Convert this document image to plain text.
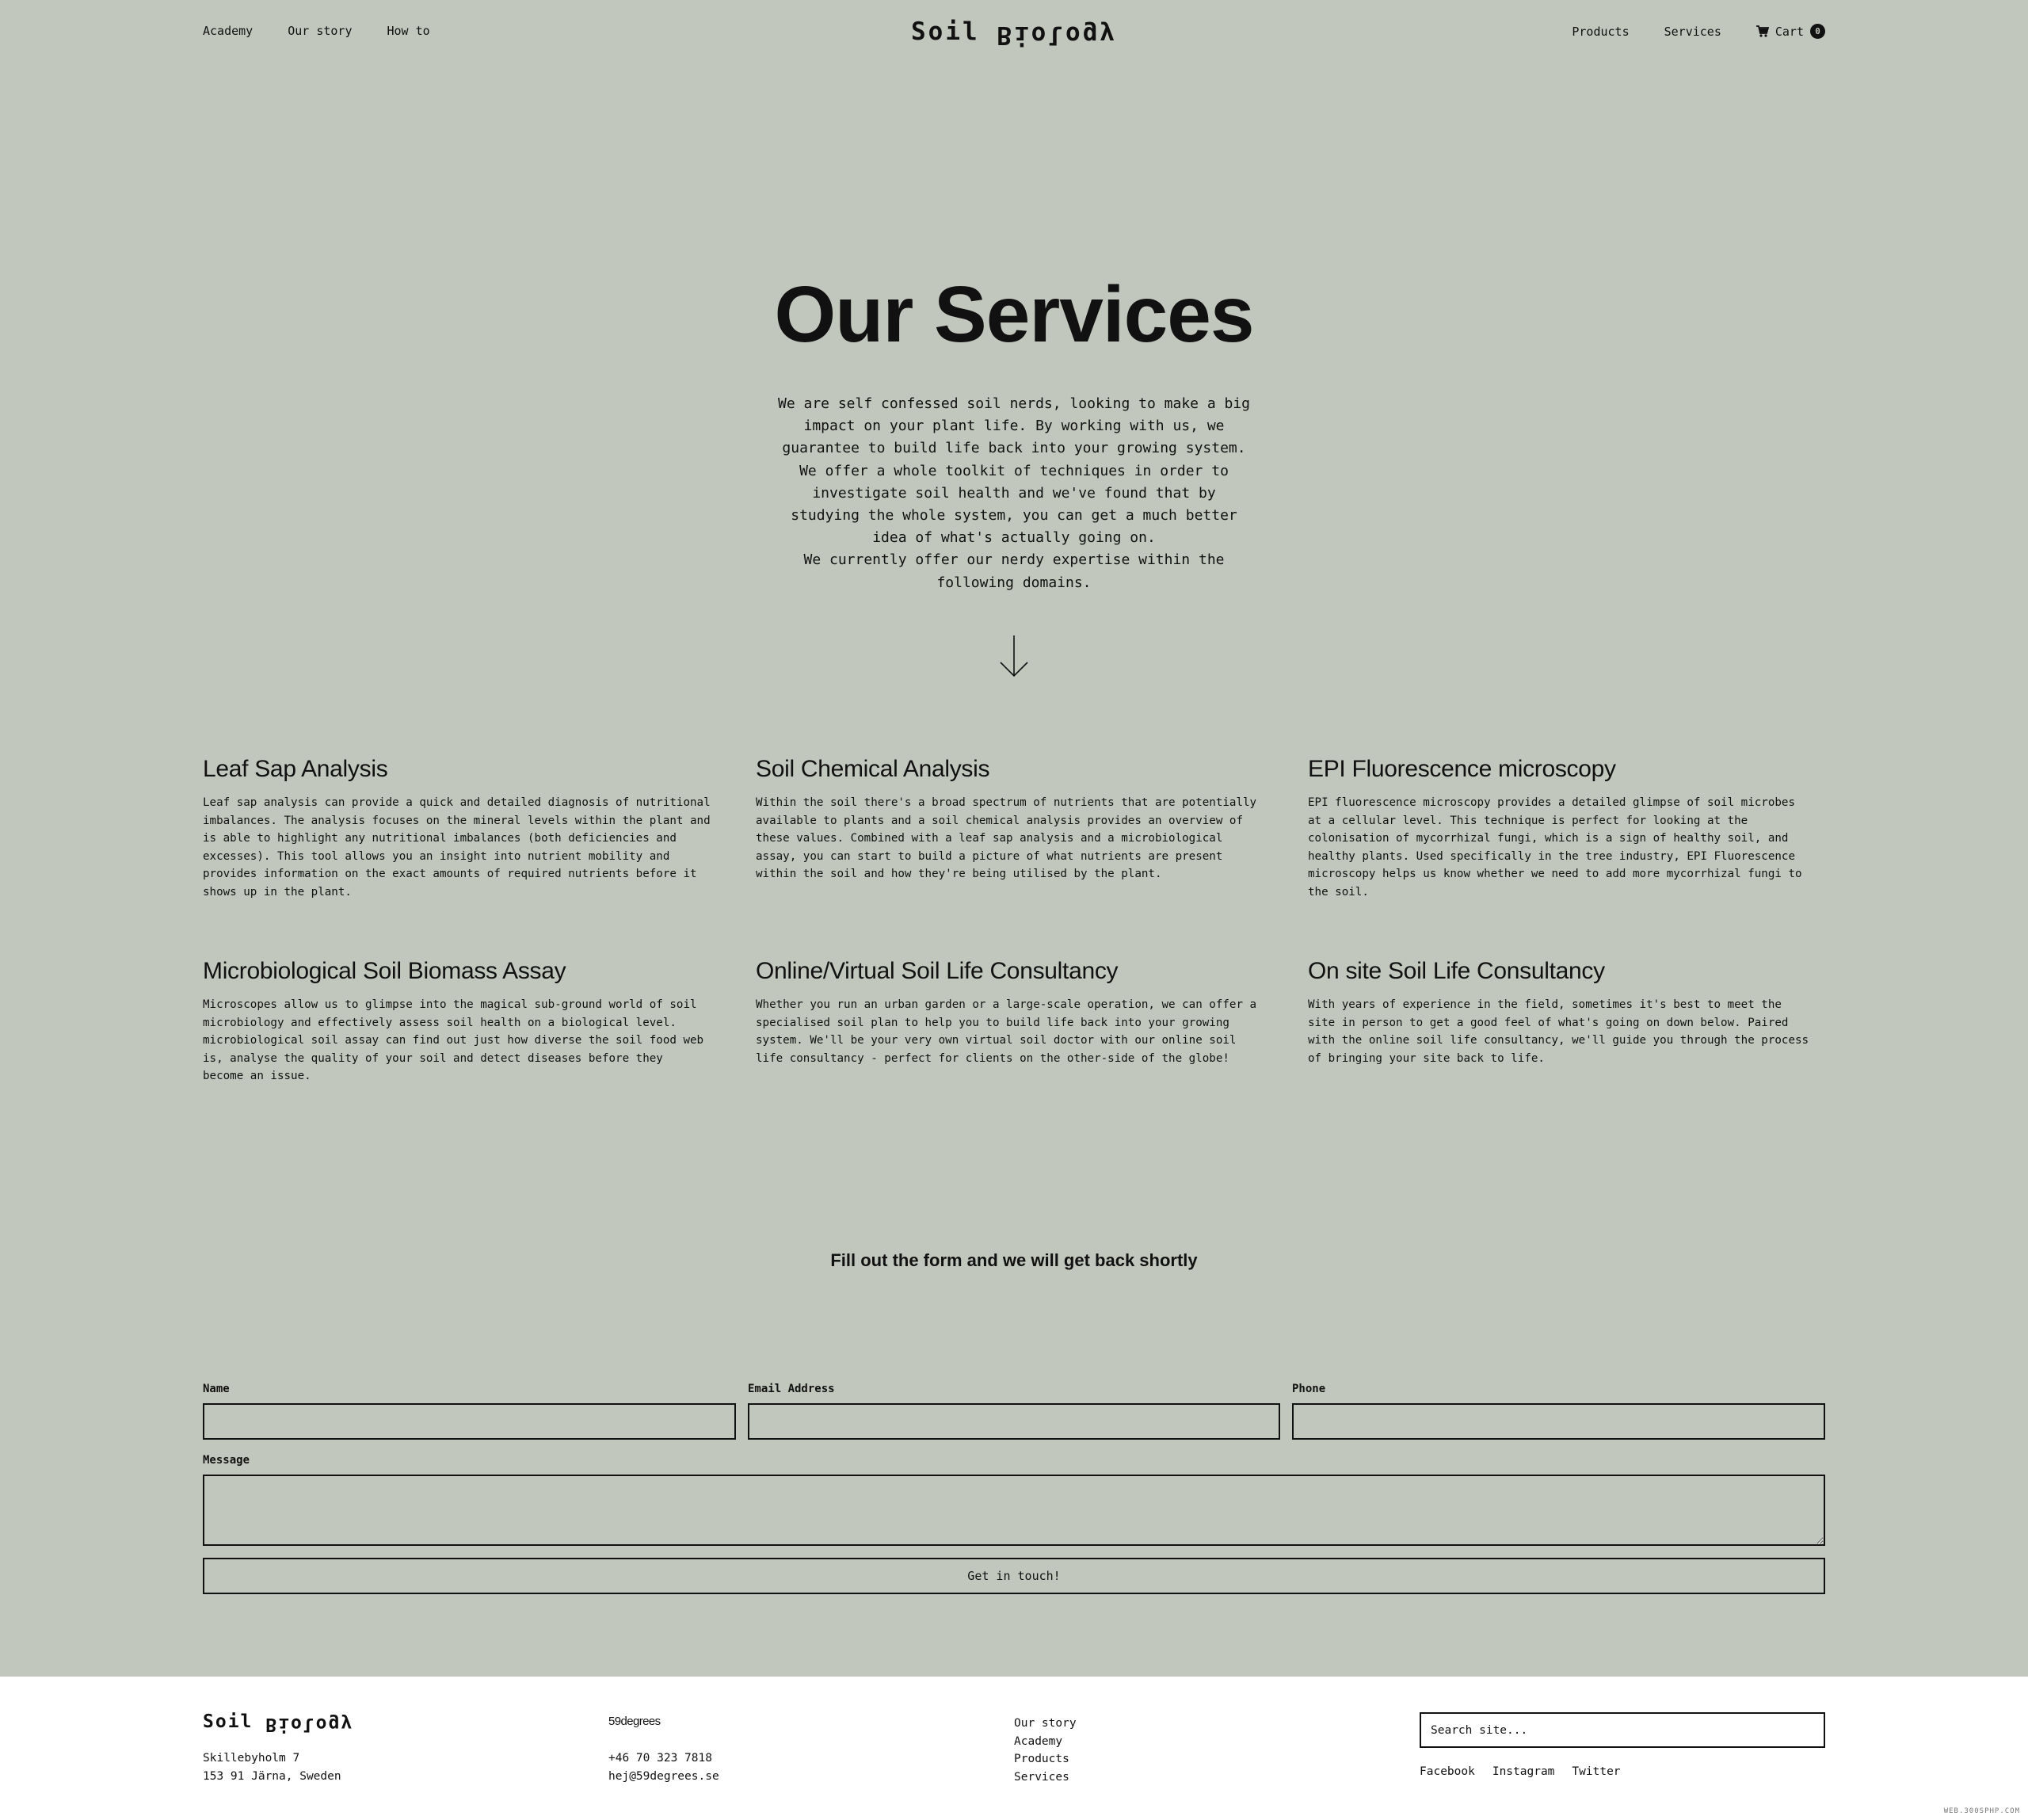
Academy	Our story	How to	Soil Biology	Products	Services	Cart	0
Our Services

We are self confessed soil nerds, looking to make a big impact on your plant life. By working with us, we guarantee to build life back into your growing system.

We offer a whole toolkit of techniques in order to investigate soil health and we've found that by studying the whole system, you can get a much better idea of what's actually going on.

We currently offer our nerdy expertise within the following domains.

Leaf Sap Analysis

Leaf sap analysis can provide a quick and detailed diagnosis of nutritional imbalances. The analysis focuses on the mineral levels within the plant and is able to highlight any nutritional imbalances (both deficiencies and excesses). This tool allows you an insight into nutrient mobility and provides information on the exact amounts of required nutrients before it shows up in the plant.

Soil Chemical Analysis

Within the soil there's a broad spectrum of nutrients that are potentially available to plants and a soil chemical analysis provides an overview of these values. Combined with a leaf sap analysis and a microbiological assay, you can start to build a picture of what nutrients are present within the soil and how they're being utilised by the plant.

EPI Fluorescence microscopy

EPI fluorescence microscopy provides a detailed glimpse of soil microbes at a cellular level. This technique is perfect for looking at the colonisation of mycorrhizal fungi, which is a sign of healthy soil, and healthy plants. Used specifically in the tree industry, EPI Fluorescence microscopy helps us know whether we need to add more mycorrhizal fungi to the soil.

Microbiological Soil Biomass Assay

Microscopes allow us to glimpse into the magical sub-ground world of soil microbiology and effectively assess soil health on a biological level. microbiological soil assay can find out just how diverse the soil food web is, analyse the quality of your soil and detect diseases before they become an issue.

Online/Virtual Soil Life Consultancy

Whether you run an urban garden or a large-scale operation, we can offer a specialised soil plan to help you to build life back into your growing system. We'll be your very own virtual soil doctor with our online soil life consultancy - perfect for clients on the other-side of the globe!

On site Soil Life Consultancy

With years of experience in the field, sometimes it's best to meet the site in person to get a good feel of what's going on down below. Paired with the online soil life consultancy, we'll guide you through the process of bringing your site back to life.

Fill out the form and we will get back shortly
Name	Email Address	Phone
Message
Get in touch!
Soil Biology
Skillebyholm 7
153 91 Järna, Sweden
59degrees
+46 70 323 7818
hej@59degrees.se
Our story
Academy
Products
Services
Search site...	Facebook Instagram Twitter
WEB.300SPHP.COM
